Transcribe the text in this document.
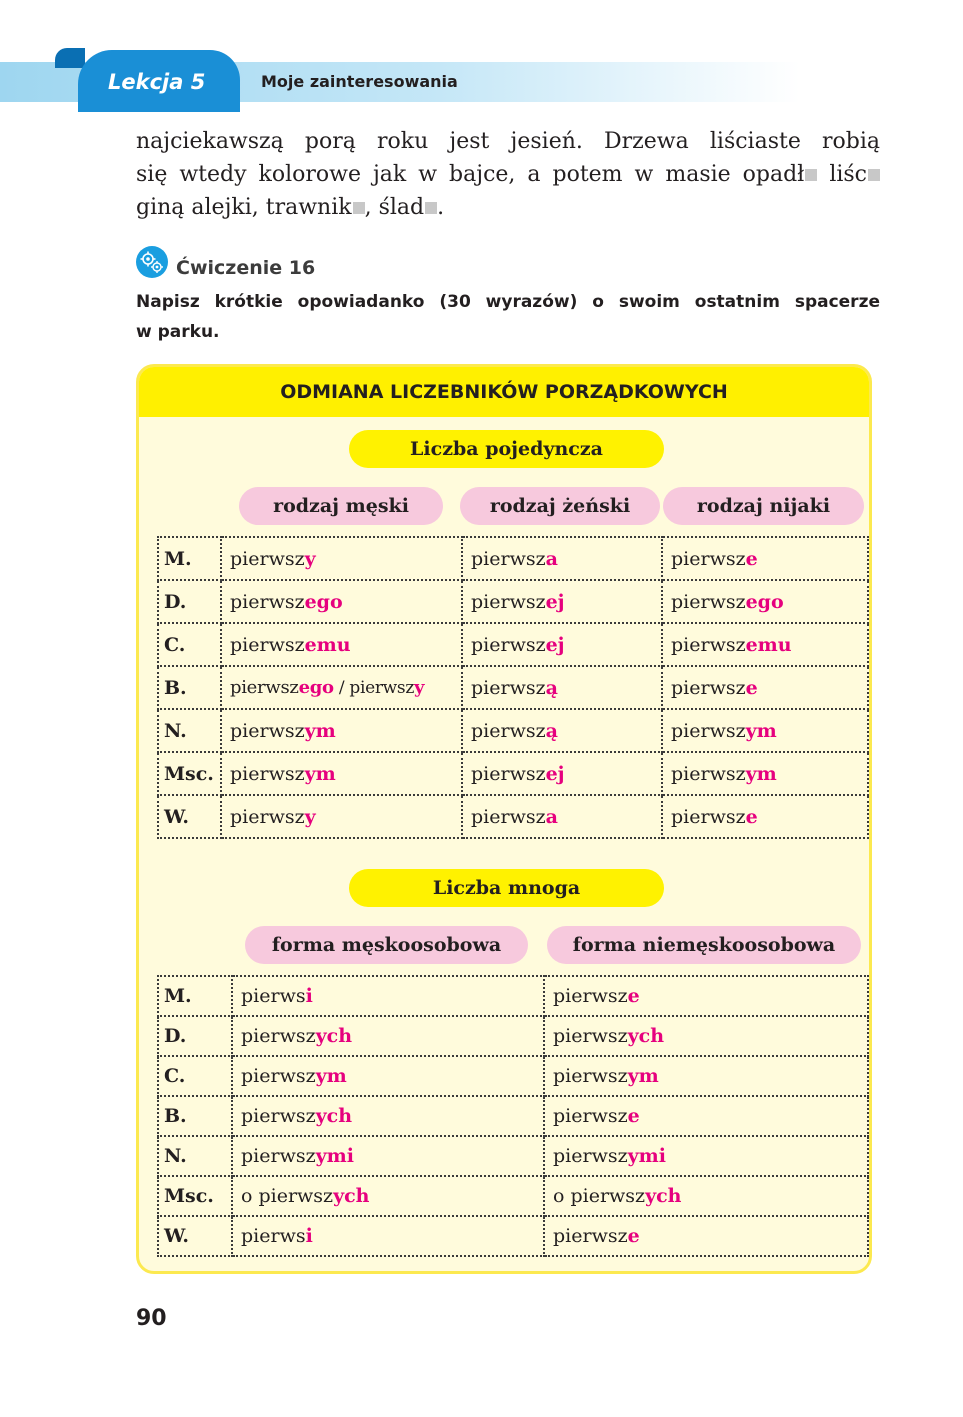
Lekcja 5	Moje zainteresowania

najciekawszą porą roku jest jesień. Drzewa liściaste robią
się wtedy kolorowe jak w bajce, a potem w masie opadł liśc
giną alejki, trawnik , ślad .

Ćwiczenie 16

Napisz krótkie opowiadanko (30 wyrazów) o swoim ostatnim spacerze
w parku.

ODMIANA LICZEBNIKÓW PORZĄDKOWYCH
Liczba pojedyncza
rodzaj męski	rodzaj żeński	rodzaj nijaki
M.	pierwszy	pierwsza	pierwsze
D.	pierwszego	pierwszej	pierwszego
C.	pierwszemu	pierwszej	pierwszemu
B.	pierwszego / pierwszy	pierwszą	pierwsze
N.	pierwszym	pierwszą	pierwszym
Msc.	pierwszym	pierwszej	pierwszym
W.	pierwszy	pierwsza	pierwsze
Liczba mnoga
forma męskoosobowa	forma niemęskoosobowa
M.	pierwsi	pierwsze
D.	pierwszych	pierwszych
C.	pierwszym	pierwszym
B.	pierwszych	pierwsze
N.	pierwszymi	pierwszymi
Msc.	o pierwszych	o pierwszych
W.	pierwsi	pierwsze
90
